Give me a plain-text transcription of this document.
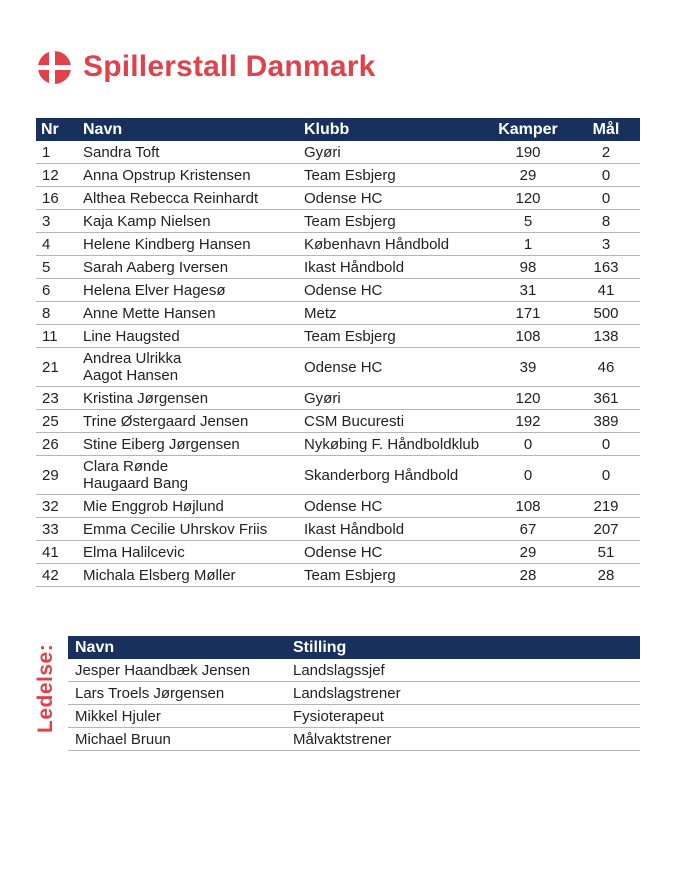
Spillerstall Danmark
Nr	Navn	Klubb	Kamper	Mål
1	Sandra Toft	Gyøri	190	2
12	Anna Opstrup Kristensen	Team Esbjerg	29	0
16	Althea Rebecca Reinhardt	Odense HC	120	0
3	Kaja Kamp Nielsen	Team Esbjerg	5	8
4	Helene Kindberg Hansen	København Håndbold	1	3
5	Sarah Aaberg Iversen	Ikast Håndbold	98	163
6	Helena Elver Hagesø	Odense HC	31	41
8	Anne Mette Hansen	Metz	171	500
11	Line Haugsted	Team Esbjerg	108	138
21	Andrea Ulrikka
Aagot Hansen	Odense HC	39	46
23	Kristina Jørgensen	Gyøri	120	361
25	Trine Østergaard Jensen	CSM Bucuresti	192	389
26	Stine Eiberg Jørgensen	Nykøbing F. Håndboldklub	0	0
29	Clara Rønde
Haugaard Bang	Skanderborg Håndbold	0	0
32	Mie Enggrob Højlund	Odense HC	108	219
33	Emma Cecilie Uhrskov Friis	Ikast Håndbold	67	207
41	Elma Halilcevic	Odense HC	29	51
42	Michala Elsberg Møller	Team Esbjerg	28	28
Ledelse: Navn	Stilling
Jesper Haandbæk Jensen	Landslagssjef
Lars Troels Jørgensen	Landslagstrener
Mikkel Hjuler	Fysioterapeut
Michael Bruun	Målvaktstrener
